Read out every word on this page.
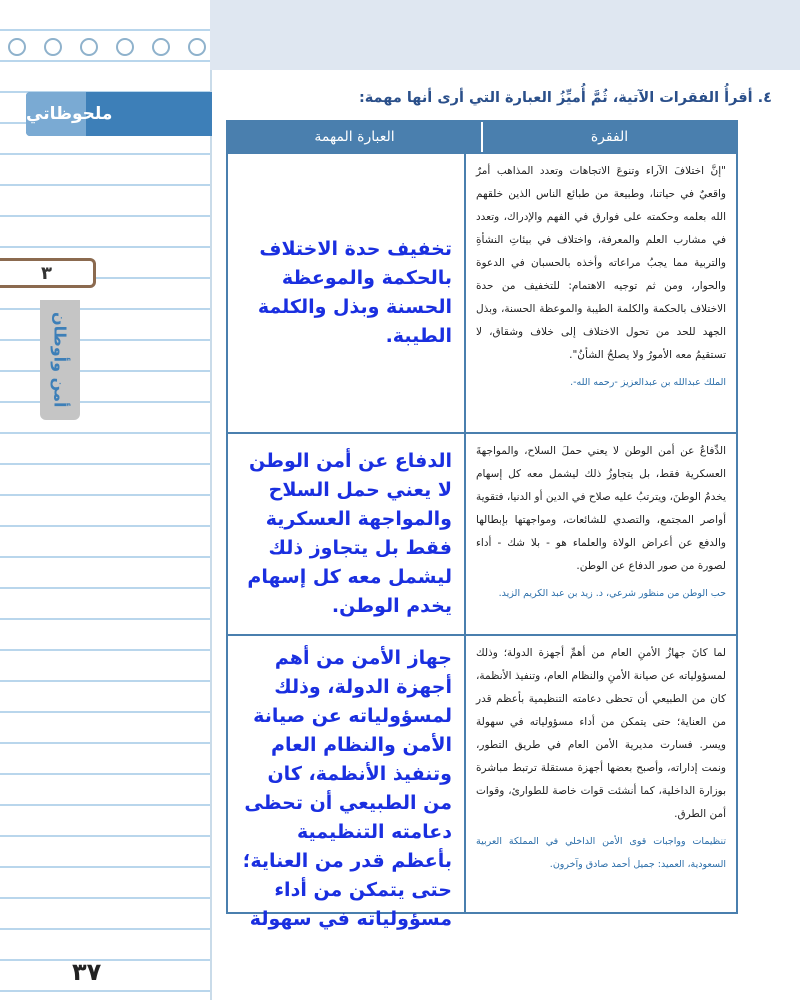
ملحوظاتي
٣
أمن وأوطان
٣٧
٤. أقرأُ الفقرات الآتية، ثُمَّ أُميِّزُ العبارة التي أرى أنها مهمة:
الفقرة
العبارة المهمة
"إنَّ اختلافَ الآراء وتنوعَ الاتجاهات وتعدد المذاهب أمرٌ واقعيٌ في حياتنا، وطبيعة من طبائع الناس الذين خلقهم الله بعلمه وحكمته على فوارق في الفهم والإدراك، وتعدد في مشارب العلم والمعرفة، واختلاف في بيئاتِ النشأةِ والتربية مما يجبُ مراعاته وأخذه بالحسبان في الدعوة والحوار، ومن ثم توجيه الاهتمام: للتخفيف من حدة الاختلاف بالحكمة والكلمة الطيبة والموعظة الحسنة، وبذل الجهد للحد من تحول الاختلاف إلى خلاف وشقاق، لا تستقيمُ معه الأمورُ ولا يصلحُ الشأنُ".
الملك عبدالله بن عبدالعزيز -رحمه الله-.
تخفيف حدة الاختلاف بالحكمة والموعظة الحسنة وبذل والكلمة الطيبة.
الدِّفاعُ عن أمن الوطن لا يعني حملَ السلاح، والمواجهةَ العسكرية فقط، بل يتجاوزُ ذلك ليشمل معه كل إسهام يخدمُ الوطنَ، ويترتبُ عليه صلاح في الدين أو الدنيا، فتقوية أواصر المجتمع، والتصدي للشائعات، ومواجهتها بإبطالها والدفع عن أعراض الولاة والعلماء هو - بلا شك - أداء لصورة من صور الدفاع عن الوطن.
حب الوطن من منظور شرعي، د. زيد بن عبد الكريم الزيد.
الدفاع عن أمن الوطن لا يعني حمل السلاح والمواجهة العسكرية فقط بل يتجاوز ذلك ليشمل معه كل إسهام يخدم الوطن.
لما كانَ جهازُ الأمنِ العام من أهمِّ أجهزة الدولة؛ وذلك لمسؤولياته عن صيانة الأمنِ والنظام العام، وتنفيذ الأنظمة، كان من الطبيعي أن تحظى دعامته التنظيمية بأعظم قدر من العناية؛ حتى يتمكن من أداء مسؤولياته في سهولة ويسر. فسارت مديرية الأمن العام في طريق التطور، ونمت إداراته، وأصبح بعضها أجهزة مستقلة ترتبط مباشرة بوزارة الداخلية، كما أنشئت قوات خاصة للطوارئ، وقوات أمن الطرق.
تنظيمات وواجبات قوى الأمن الداخلي في المملكة العربية السعودية، العميد: جميل أحمد صادق وآخرون.
جهاز الأمن من أهم أجهزة الدولة، وذلك لمسؤولياته عن صيانة الأمن والنظام العام وتنفيذ الأنظمة، كان من الطبيعي أن تحظى دعامته التنظيمية بأعظم قدر من العناية؛ حتى يتمكن من أداء مسؤولياته في سهولة
